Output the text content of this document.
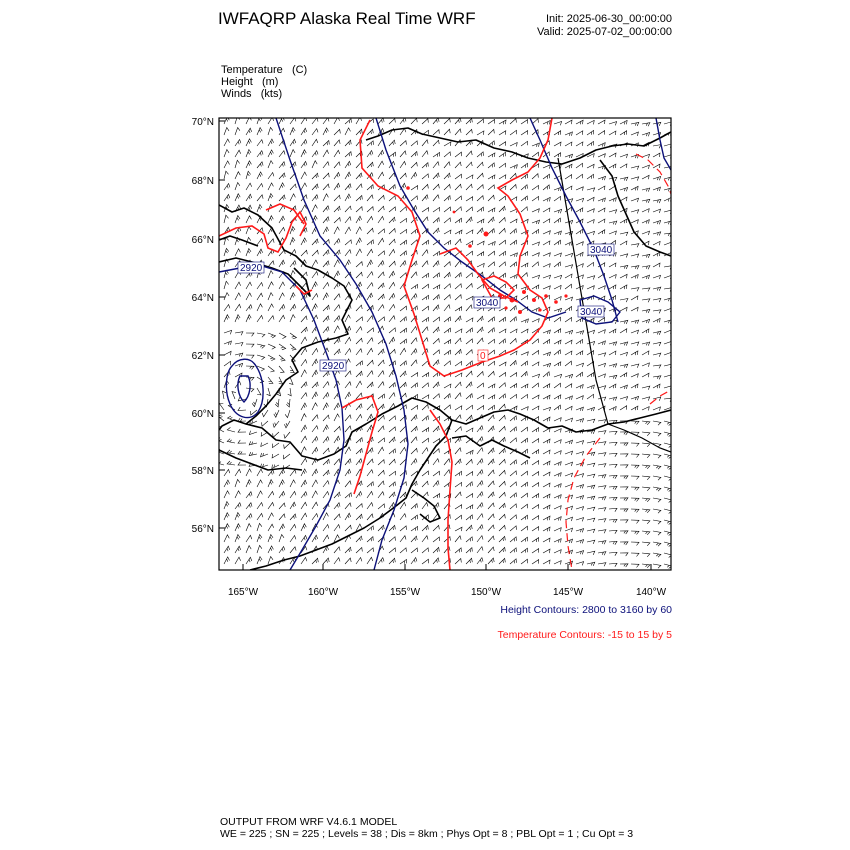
IWFAQRP Alaska Real Time WRF	Init: 2025-06-30_00:00:00
Valid: 2025-07-02_00:00:00
Temperature (C)
Height (m)
Winds (kts)
2920
2920
3040
3040
3040
0
70°N
68°N
66°N
64°N
62°N
60°N
58°N
56°N
165°W	160°W	155°W	150°W	145°W	140°W
Height Contours: 2800 to 3160 by 60
Temperature Contours: -15 to 15 by 5
OUTPUT FROM WRF V4.6.1 MODEL
WE = 225 ; SN = 225 ; Levels = 38 ; Dis = 8km ; Phys Opt = 8 ; PBL Opt = 1 ; Cu Opt = 3
